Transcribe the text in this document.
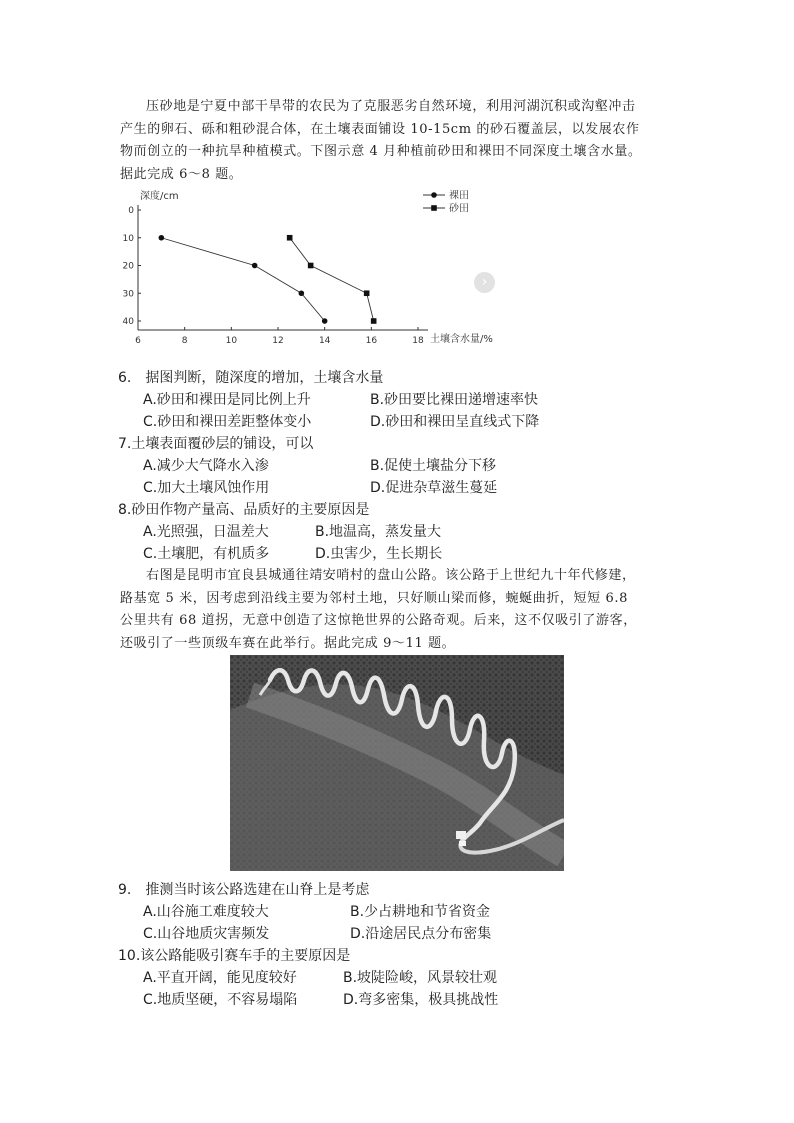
压砂地是宁夏中部干旱带的农民为了克服恶劣自然环境，利用河湖沉积或沟壑冲击
产生的卵石、砾和粗砂混合体，在土壤表面铺设 10-15cm 的砂石覆盖层，以发展农作
物而创立的一种抗旱种植模式。下图示意 4 月种植前砂田和裸田不同深度土壤含水量。
据此完成 6～8 题。
深度/cm
土壤含水量/%
6	8	10	12	14	16	18
0
10
20
30
40
裸田
砂田
›
6.　据图判断，随深度的增加，土壤含水量
A.砂田和裸田是同比例上升	B.砂田要比裸田递增速率快
C.砂田和裸田差距整体变小	D.砂田和裸田呈直线式下降
7.土壤表面覆砂层的铺设，可以
A.减少大气降水入渗	B.促使土壤盐分下移
C.加大土壤风蚀作用	D.促进杂草滋生蔓延
8.砂田作物产量高、品质好的主要原因是
A.光照强，日温差大	B.地温高，蒸发量大
C.土壤肥，有机质多	D.虫害少，生长期长
右图是昆明市宜良县城通往靖安哨村的盘山公路。该公路于上世纪九十年代修建，
路基宽 5 米，因考虑到沿线主要为邻村土地，只好顺山梁而修，蜿蜒曲折，短短 6.8
公里共有 68 道拐，无意中创造了这惊艳世界的公路奇观。后来，这不仅吸引了游客，
还吸引了一些顶级车赛在此举行。据此完成 9～11 题。
9.　推测当时该公路选建在山脊上是考虑
A.山谷施工难度较大	B.少占耕地和节省资金
C.山谷地质灾害频发	D.沿途居民点分布密集
10.该公路能吸引赛车手的主要原因是
A.平直开阔，能见度较好	B.坡陡险峻，风景较壮观
C.地质坚硬，不容易塌陷	D.弯多密集，极具挑战性
